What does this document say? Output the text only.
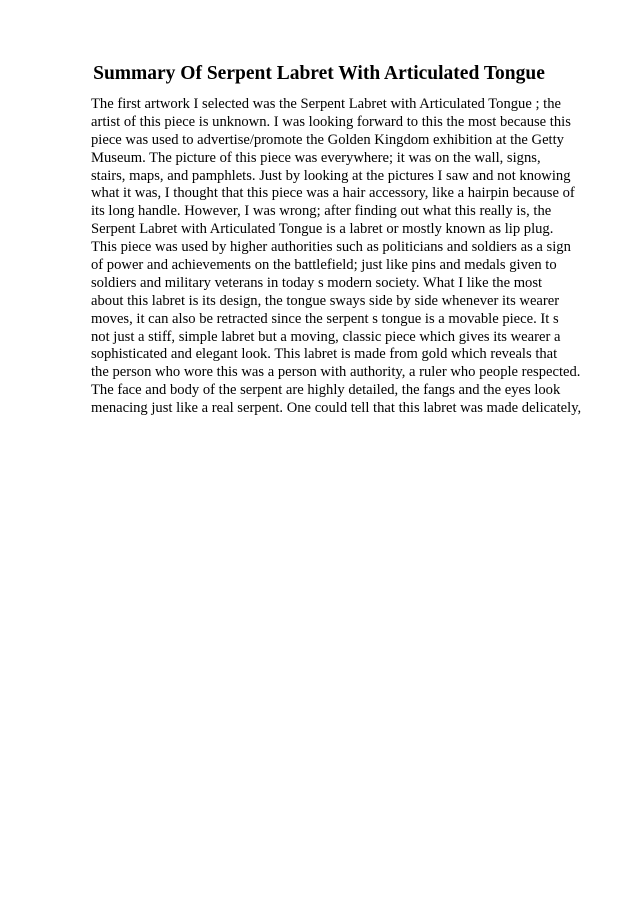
Summary Of Serpent Labret With Articulated Tongue
The first artwork I selected was the Serpent Labret with Articulated Tongue ; the
artist of this piece is unknown. I was looking forward to this the most because this
piece was used to advertise/promote the Golden Kingdom exhibition at the Getty
Museum. The picture of this piece was everywhere; it was on the wall, signs,
stairs, maps, and pamphlets. Just by looking at the pictures I saw and not knowing
what it was, I thought that this piece was a hair accessory, like a hairpin because of
its long handle. However, I was wrong; after finding out what this really is, the
Serpent Labret with Articulated Tongue is a labret or mostly known as lip plug.
This piece was used by higher authorities such as politicians and soldiers as a sign
of power and achievements on the battlefield; just like pins and medals given to
soldiers and military veterans in today s modern society. What I like the most
about this labret is its design, the tongue sways side by side whenever its wearer
moves, it can also be retracted since the serpent s tongue is a movable piece. It s
not just a stiff, simple labret but a moving, classic piece which gives its wearer a
sophisticated and elegant look. This labret is made from gold which reveals that
the person who wore this was a person with authority, a ruler who people respected.
The face and body of the serpent are highly detailed, the fangs and the eyes look
menacing just like a real serpent. One could tell that this labret was made delicately,
